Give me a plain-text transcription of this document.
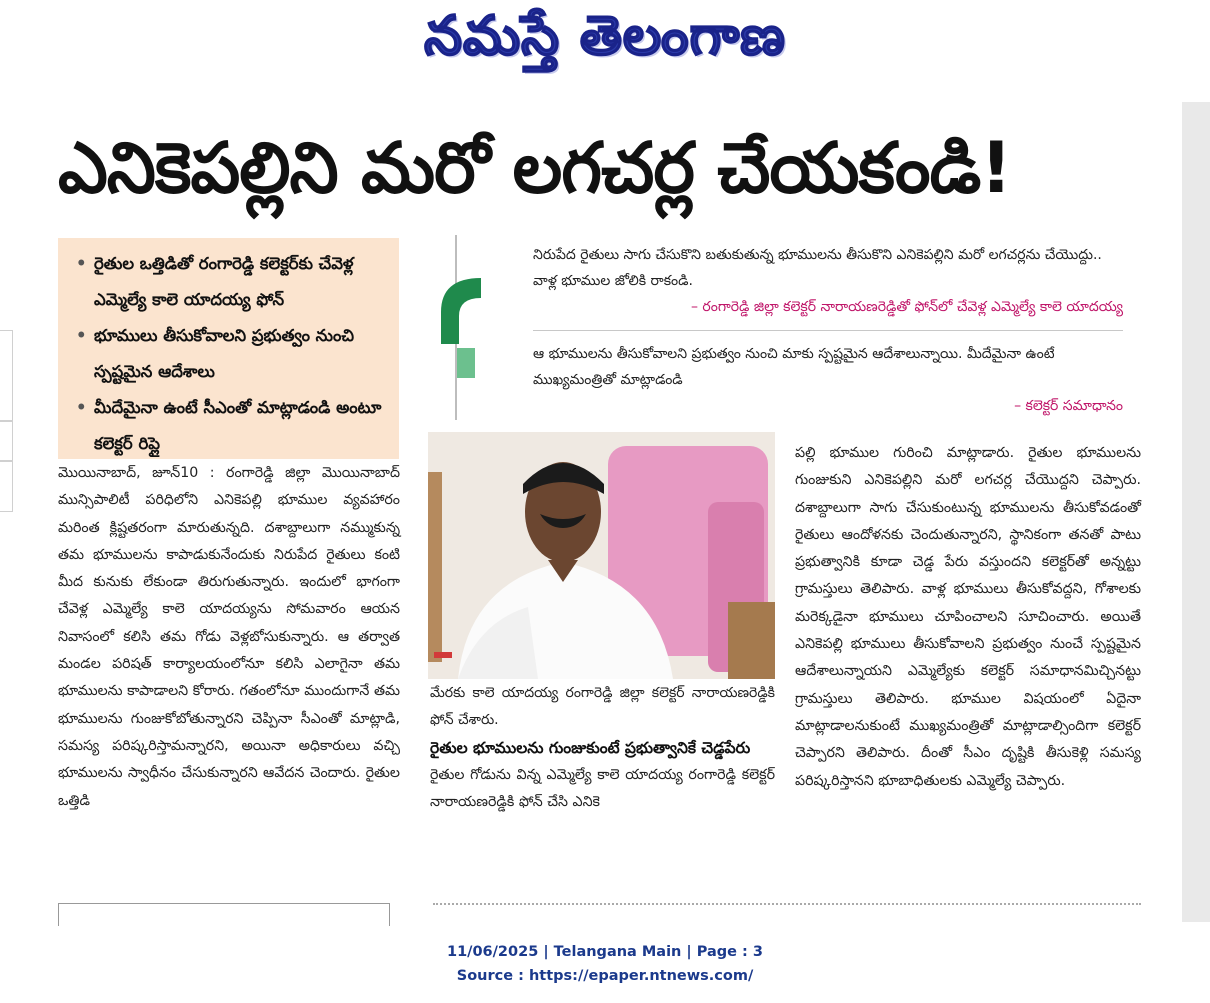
నమస్తే తెలంగాణ
ఎనికెపల్లిని మరో లగచర్ల చేయకండి!
• రైతుల ఒత్తిడితో రంగారెడ్డి కలెక్టర్‌కు చేవెళ్ల ఎమ్మెల్యే కాలె యాదయ్య ఫోన్
• భూములు తీసుకోవాలని ప్రభుత్వం నుంచి స్పష్టమైన ఆదేశాలు
• మీదేమైనా ఉంటే సీఎంతో మాట్లాడండి అంటూ కలెక్టర్ రిప్లై

నిరుపేద రైతులు సాగు చేసుకొని బతుకుతున్న భూములను తీసుకొని ఎనికెపల్లిని మరో లగచర్లను చేయొద్దు.. వాళ్ల భూముల జోలికి రాకండి.

– రంగారెడ్డి జిల్లా కలెక్టర్ నారాయణరెడ్డితో ఫోన్‌లో చేవెళ్ల ఎమ్మెల్యే కాలె యాదయ్య

ఆ భూములను తీసుకోవాలని ప్రభుత్వం నుంచి మాకు స్పష్టమైన ఆదేశాలున్నాయి. మీదేమైనా ఉంటే ముఖ్యమంత్రితో మాట్లాడండి

– కలెక్టర్ సమాధానం

మొయినాబాద్, జూన్10 : రంగారెడ్డి జిల్లా మొయినాబాద్ మున్సిపాలిటీ పరిధిలోని ఎనికెపల్లి భూముల వ్యవహారం మరింత క్లిష్టతరంగా మారుతున్నది. దశాబ్దాలుగా నమ్ముకున్న తమ భూములను కాపాడుకునేందుకు నిరుపేద రైతులు కంటి మీద కునుకు లేకుండా తిరుగుతున్నారు. ఇందులో భాగంగా చేవెళ్ల ఎమ్మెల్యే కాలె యాదయ్యను సోమవారం ఆయన నివాసంలో కలిసి తమ గోడు వెళ్లబోసుకున్నారు. ఆ తర్వాత మండల పరిషత్ కార్యాలయంలోనూ కలిసి ఎలాగైనా తమ భూములను కాపాడాలని కోరారు. గతంలోనూ ముందుగానే తమ భూములను గుంజుకోబోతున్నారని చెప్పినా సీఎంతో మాట్లాడి, సమస్య పరిష్కరిస్తామన్నారని, అయినా అధికారులు వచ్చి భూములను స్వాధీనం చేసుకున్నారని ఆవేదన చెందారు. రైతుల ఒత్తిడి

మేరకు కాలె యాదయ్య రంగారెడ్డి జిల్లా కలెక్టర్ నారాయణరెడ్డికి ఫోన్ చేశారు.

రైతుల భూములను గుంజుకుంటే ప్రభుత్వానికే చెడ్డపేరు

రైతుల గోడును విన్న ఎమ్మెల్యే కాలె యాదయ్య రంగారెడ్డి కలెక్టర్ నారాయణరెడ్డికి ఫోన్ చేసి ఎనికె

పల్లి భూముల గురించి మాట్లాడారు. రైతుల భూములను గుంజుకుని ఎనికెపల్లిని మరో లగచర్ల చేయొద్దని చెప్పారు. దశాబ్దాలుగా సాగు చేసుకుంటున్న భూములను తీసుకోవడంతో రైతులు ఆందోళనకు చెందుతున్నారని, స్థానికంగా తనతో పాటు ప్రభుత్వానికి కూడా చెడ్డ పేరు వస్తుందని కలెక్టర్‌తో అన్నట్టు గ్రామస్తులు తెలిపారు. వాళ్ల భూములు తీసుకోవద్దని, గోశాలకు మరెక్కడైనా భూములు చూపించాలని సూచించారు. అయితే ఎనికెపల్లి భూములు తీసుకోవాలని ప్రభుత్వం నుంచే స్పష్టమైన ఆదేశాలున్నాయని ఎమ్మెల్యేకు కలెక్టర్ సమాధానమిచ్చినట్టు గ్రామస్తులు తెలిపారు. భూముల విషయంలో ఏదైనా మాట్లాడాలనుకుంటే ముఖ్యమంత్రితో మాట్లాడాల్సిందిగా కలెక్టర్ చెప్పారని తెలిపారు. దీంతో సీఎం దృష్టికి తీసుకెళ్లి సమస్య పరిష్కరిస్తానని భూబాధితులకు ఎమ్మెల్యే చెప్పారు.

11/06/2025 | Telangana Main | Page : 3
Source : https://epaper.ntnews.com/
